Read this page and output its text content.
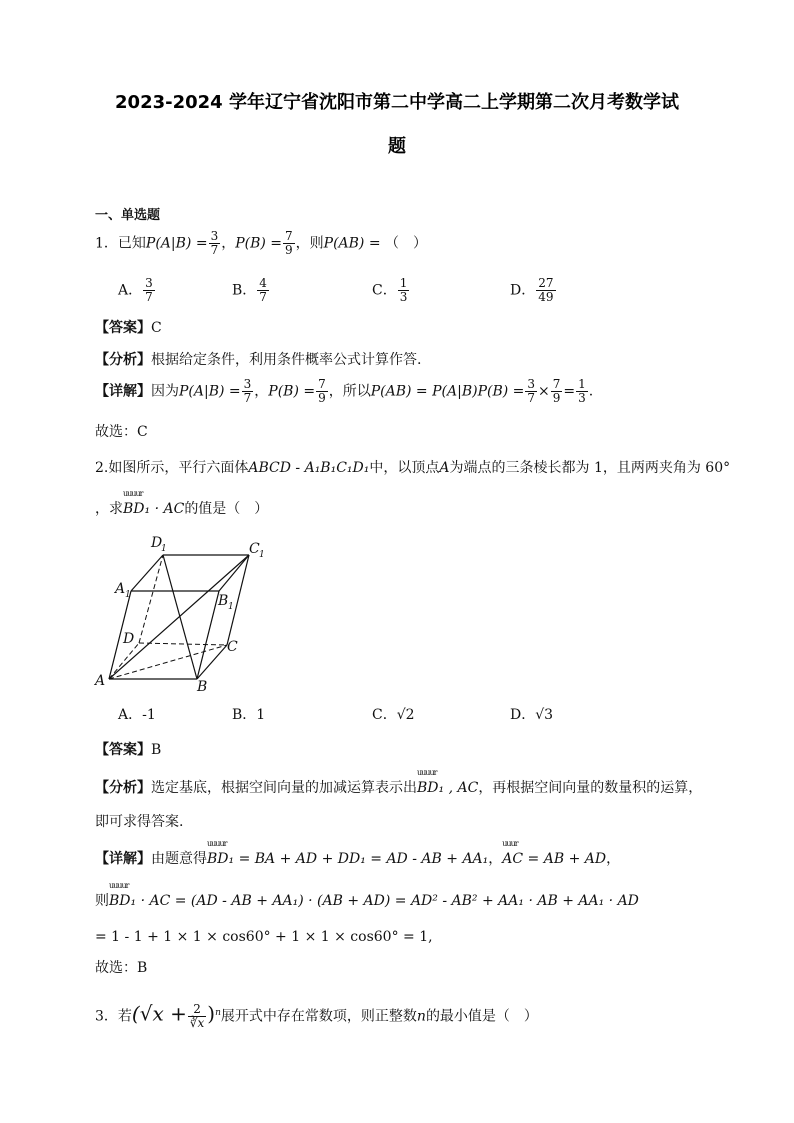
2023-2024 学年辽宁省沈阳市第二中学高二上学期第二次月考数学试
题
一、单选题
1．已知$P(A|B) = \frac{3}{7}$ ，$P(B) = \frac{7}{9}$ ，则P(AB) = （　）
A． $\frac{3}{7}$	B． $\frac{4}{7}$	C． $\frac{1}{3}$	D． $\frac{27}{49}$
【答案】C
【分析】根据给定条件，利用条件概率公式计算作答.
【详解】因为$P(A|B) = \frac{3}{7}$ ，$P(B) = \frac{7}{9}$ ，所以$P(AB) = P(A|B)P(B) = \frac{3}{7} \times \frac{7}{9} = \frac{1}{3}$ .
故选：C
2.如图所示，平行六面体ABCD - A₁B₁C₁D₁中，以顶点A为端点的三条棱长都为 1，且两两夹角为 60°
，求
uuuur
BD₁ · AC的值是（　）
A	B
C
D
A 1	B 1
C 1
D
1
A．-1	B．1	C．√2	D．√3
【答案】B
【分析】选定基底，根据空间向量的加减运算表示出
uuuur
BD₁ , AC，再根据空间向量的数量积的运算，
即可求得答案.
【详解】由题意得
uuuur
BD₁ = BA + AD + DD₁ = AD - AB + AA₁，
uuur
AC = AB + AD，
则
uuuur
BD₁ · AC = (AD - AB + AA₁) · (AB + AD) = AD² - AB² + AA₁ · AB + AA₁ · AD
= 1 - 1 + 1 × 1 × cos60° + 1 × 1 × cos60° = 1,
故选：B
3．若$(√x + \frac{2}{∛x} )^n$展开式中存在常数项，则正整数n的最小值是（　）
